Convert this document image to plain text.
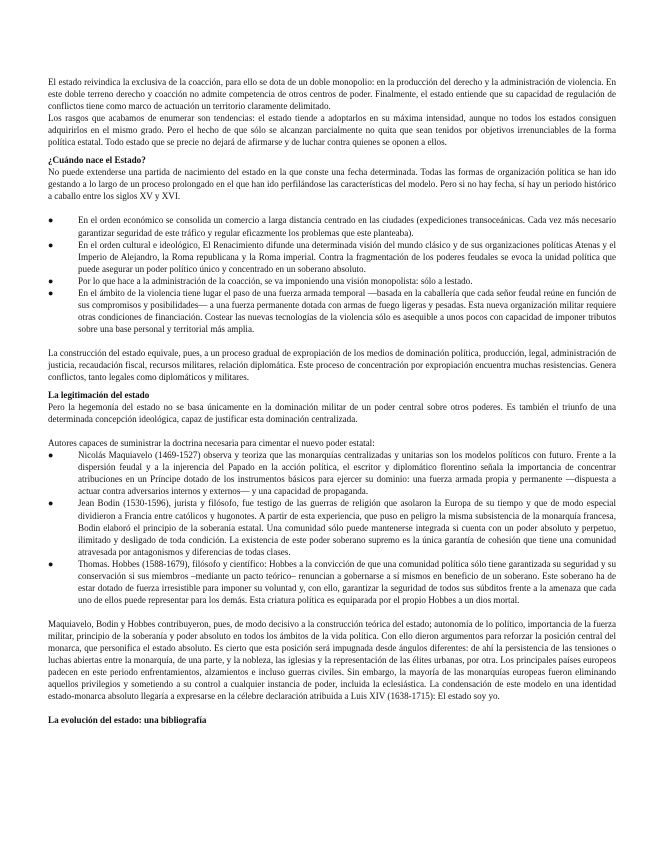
El estado reivindica la exclusiva de la coacción, para ello se dota de un doble monopolio: en la producción del derecho y la administración de violencia. En este doble terreno derecho y coacción no admite competencia de otros centros de poder. Finalmente, el estado entiende que su capacidad de regulación de conflictos tiene como marco de actuación un territorio claramente delimitado.

Los rasgos que acabamos de enumerar son tendencias: el estado tiende a adoptarlos en su máxima intensidad, aunque no todos los estados consiguen adquirirlos en el mismo grado. Pero el hecho de que sólo se alcanzan parcialmente no quita que sean tenidos por objetivos irrenunciables de la forma política estatal. Todo estado que se precie no dejará de afirmarse y de luchar contra quienes se oponen a ellos.

¿Cuándo nace el Estado?

No puede extenderse una partida de nacimiento del estado en la que conste una fecha determinada. Todas las formas de organización política se han ido gestando a lo largo de un proceso prolongado en el que han ido perfilándose las características del modelo. Pero si no hay fecha, sí hay un periodo histórico a caballo entre los siglos XV y XVI.

●	En el orden económico se consolida un comercio a larga distancia centrado en las ciudades (expediciones transoceánicas. Cada vez más necesario garantizar seguridad de este tráfico y regular eficazmente los problemas que este planteaba).

●	En el orden cultural e ideológico, El Renacimiento difunde una determinada visión del mundo clásico y de sus organizaciones políticas Atenas y el Imperio de Alejandro, la Roma republicana y la Roma imperial. Contra la fragmentación de los poderes feudales se evoca la unidad política que puede asegurar un poder político único y concentrado en un soberano absoluto.

●	Por lo que hace a la administración de la coacción, se va imponiendo una visión monopolista: sólo a lestado.

●	En el ámbito de la violencia tiene lugar el paso de una fuerza armada temporal —basada en la caballería que cada señor feudal reúne en función de sus compromisos y posibilidades— a una fuerza permanente dotada con armas de fuego ligeras y pesadas. Esta nueva organización militar requiere otras condiciones de financiación. Costear las nuevas tecnologías de la violencia sólo es asequible a unos pocos con capacidad de imponer tributos sobre una base personal y territorial más amplia.

La construcción del estado equivale, pues, a un proceso gradual de expropiación de los medios de dominación política, producción, legal, administración de justicia, recaudación fiscal, recursos militares, relación diplomática. Este proceso de concentración por expropiación encuentra muchas resistencias. Genera conflictos, tanto legales como diplomáticos y militares.

La legitimación del estado

Pero la hegemonía del estado no se basa únicamente en la dominación militar de un poder central sobre otros poderes. Es también el triunfo de una determinada concepción ideológica, capaz de justificar esta dominación centralizada.

Autores capaces de suministrar la doctrina necesaria para cimentar el nuevo poder estatal:

●	Nicolás Maquiavelo (1469-1527) observa y teoriza que las monarquías centralizadas y unitarias son los modelos políticos con futuro. Frente a la dispersión feudal y a la injerencia del Papado en la acción política, el escritor y diplomático florentino señala la importancia de concentrar atribuciones en un Príncipe dotado de los instrumentos básicos para ejercer su dominio: una fuerza armada propia y permanente —dispuesta a actuar contra adversarios internos y externos— y una capacidad de propaganda.

●	Jean Bodin (1530-1596), jurista y filósofo, fue testigo de las guerras de religión que asolaron la Europa de su tiempo y que de modo especial dividieron a Francia entre católicos y hugonotes. A partir de esta experiencia, que puso en peligro la misma subsistencia de la monarquía francesa, Bodin elaboró el principio de la soberanía estatal. Una comunidad sólo puede mantenerse integrada si cuenta con un poder absoluto y perpetuo, ilimitado y desligado de toda condición. La existencia de este poder soberano supremo es la única garantía de cohesión que tiene una comunidad atravesada por antagonismos y diferencias de todas clases.

●	Thomas. Hobbes (1588-1679), filósofo y científico: Hobbes a la convicción de que una comunidad política sólo tiene garantizada su seguridad y su conservación si sus miembros –mediante un pacto teórico– renuncian a gobernarse a sí mismos en beneficio de un soberano. Este soberano ha de estar dotado de fuerza irresistible para imponer su voluntad y, con ello, garantizar la seguridad de todos sus súbditos frente a la amenaza que cada uno de ellos puede representar para los demás. Esta criatura política es equiparada por el propio Hobbes a un dios mortal.

Maquiavelo, Bodin y Hobbes contribuyeron, pues, de modo decisivo a la construcción teórica del estado; autonomía de lo político, importancia de la fuerza militar, principio de la soberanía y poder absoluto en todos los ámbitos de la vida política. Con ello dieron argumentos para reforzar la posición central del monarca, que personifica el estado absoluto. Es cierto que esta posición será impugnada desde ángulos diferentes: de ahí la persistencia de las tensiones o luchas abiertas entre la monarquía, de una parte, y la nobleza, las iglesias y la representación de las élites urbanas, por otra. Los principales países europeos padecen en este periodo enfrentamientos, alzamientos e incluso guerras civiles. Sin embargo, la mayoría de las monarquías europeas fueron eliminando aquellos privilegios y sometiendo a su control a cualquier instancia de poder, incluida la eclesiástica. La condensación de este modelo en una identidad estado-monarca absoluto llegaría a expresarse en la célebre declaración atribuida a Luis XIV (1638-1715): El estado soy yo.

La evolución del estado: una bibliografía
